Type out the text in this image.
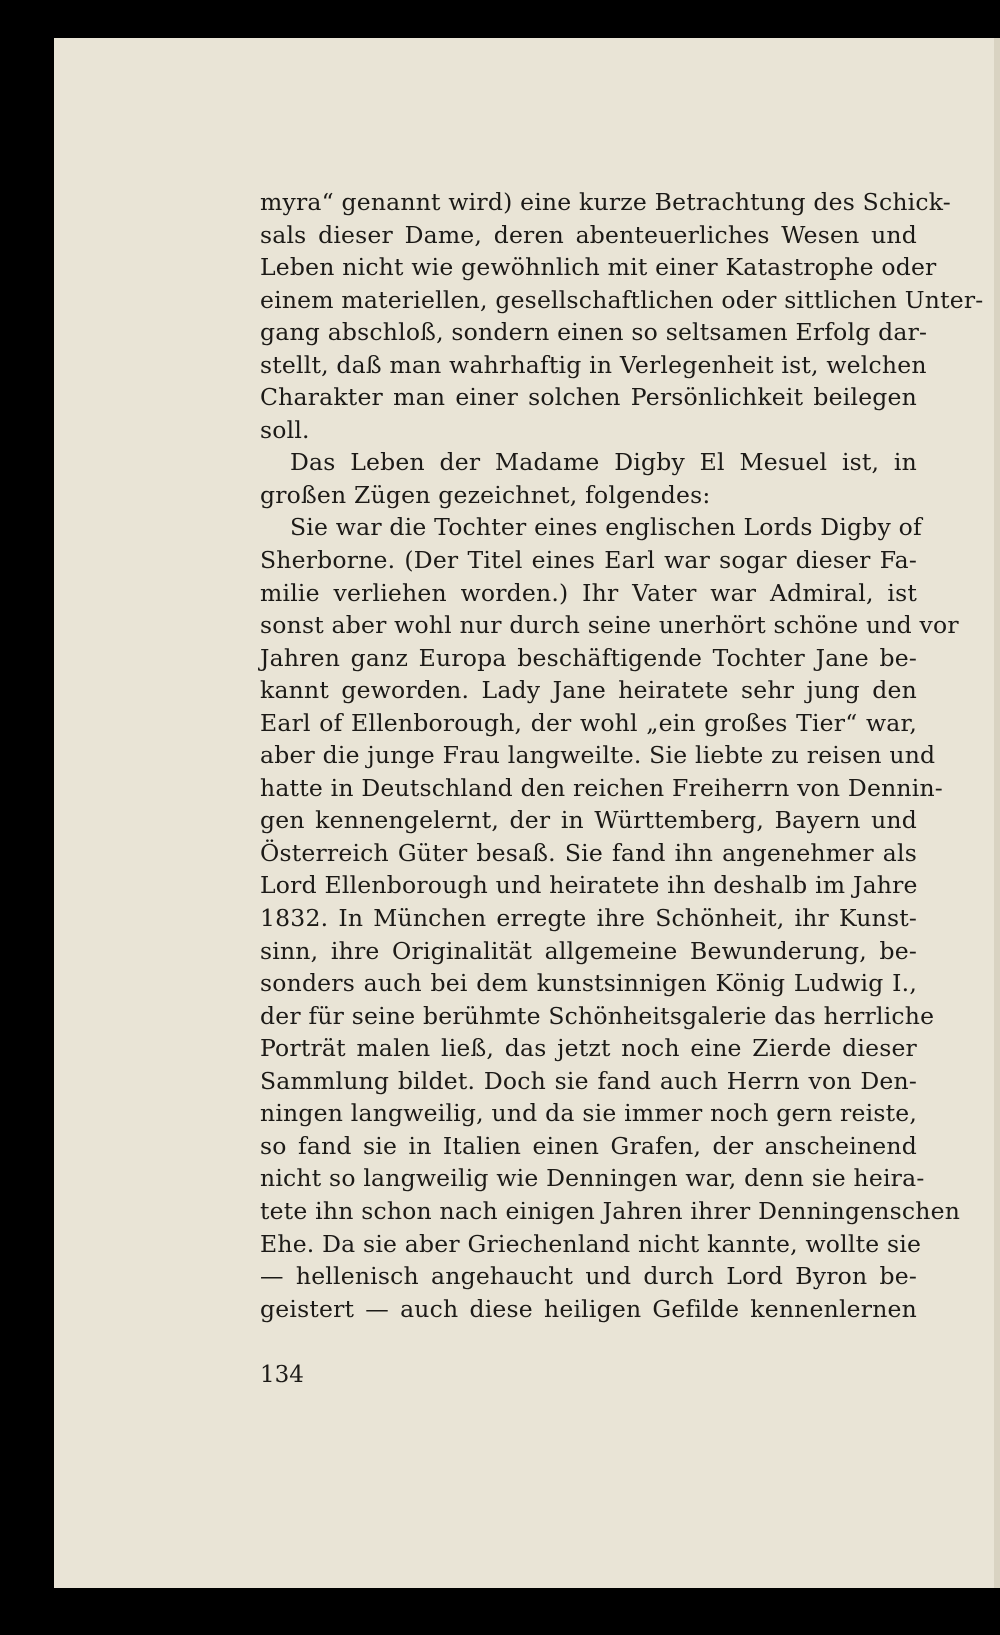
myra“ genannt wird) eine kurze Betrachtung des Schick-
sals dieser Dame, deren abenteuerliches Wesen und
Leben nicht wie gewöhnlich mit einer Katastrophe oder
einem materiellen, gesellschaftlichen oder sittlichen Unter-
gang abschloß, sondern einen so seltsamen Erfolg dar-
stellt, daß man wahrhaftig in Verlegenheit ist, welchen
Charakter man einer solchen Persönlichkeit beilegen
soll.
Das Leben der Madame Digby El Mesuel ist, in
großen Zügen gezeichnet, folgendes:
Sie war die Tochter eines englischen Lords Digby of
Sherborne. (Der Titel eines Earl war sogar dieser Fa-
milie verliehen worden.) Ihr Vater war Admiral, ist
sonst aber wohl nur durch seine unerhört schöne und vor
Jahren ganz Europa beschäftigende Tochter Jane be-
kannt geworden. Lady Jane heiratete sehr jung den
Earl of Ellenborough, der wohl „ein großes Tier“ war,
aber die junge Frau langweilte. Sie liebte zu reisen und
hatte in Deutschland den reichen Freiherrn von Dennin-
gen kennengelernt, der in Württemberg, Bayern und
Österreich Güter besaß. Sie fand ihn angenehmer als
Lord Ellenborough und heiratete ihn deshalb im Jahre
1832. In München erregte ihre Schönheit, ihr Kunst-
sinn, ihre Originalität allgemeine Bewunderung, be-
sonders auch bei dem kunstsinnigen König Ludwig I.,
der für seine berühmte Schönheitsgalerie das herrliche
Porträt malen ließ, das jetzt noch eine Zierde dieser
Sammlung bildet. Doch sie fand auch Herrn von Den-
ningen langweilig, und da sie immer noch gern reiste,
so fand sie in Italien einen Grafen, der anscheinend
nicht so langweilig wie Denningen war, denn sie heira-
tete ihn schon nach einigen Jahren ihrer Denningenschen
Ehe. Da sie aber Griechenland nicht kannte, wollte sie
— hellenisch angehaucht und durch Lord Byron be-
geistert — auch diese heiligen Gefilde kennenlernen
134
